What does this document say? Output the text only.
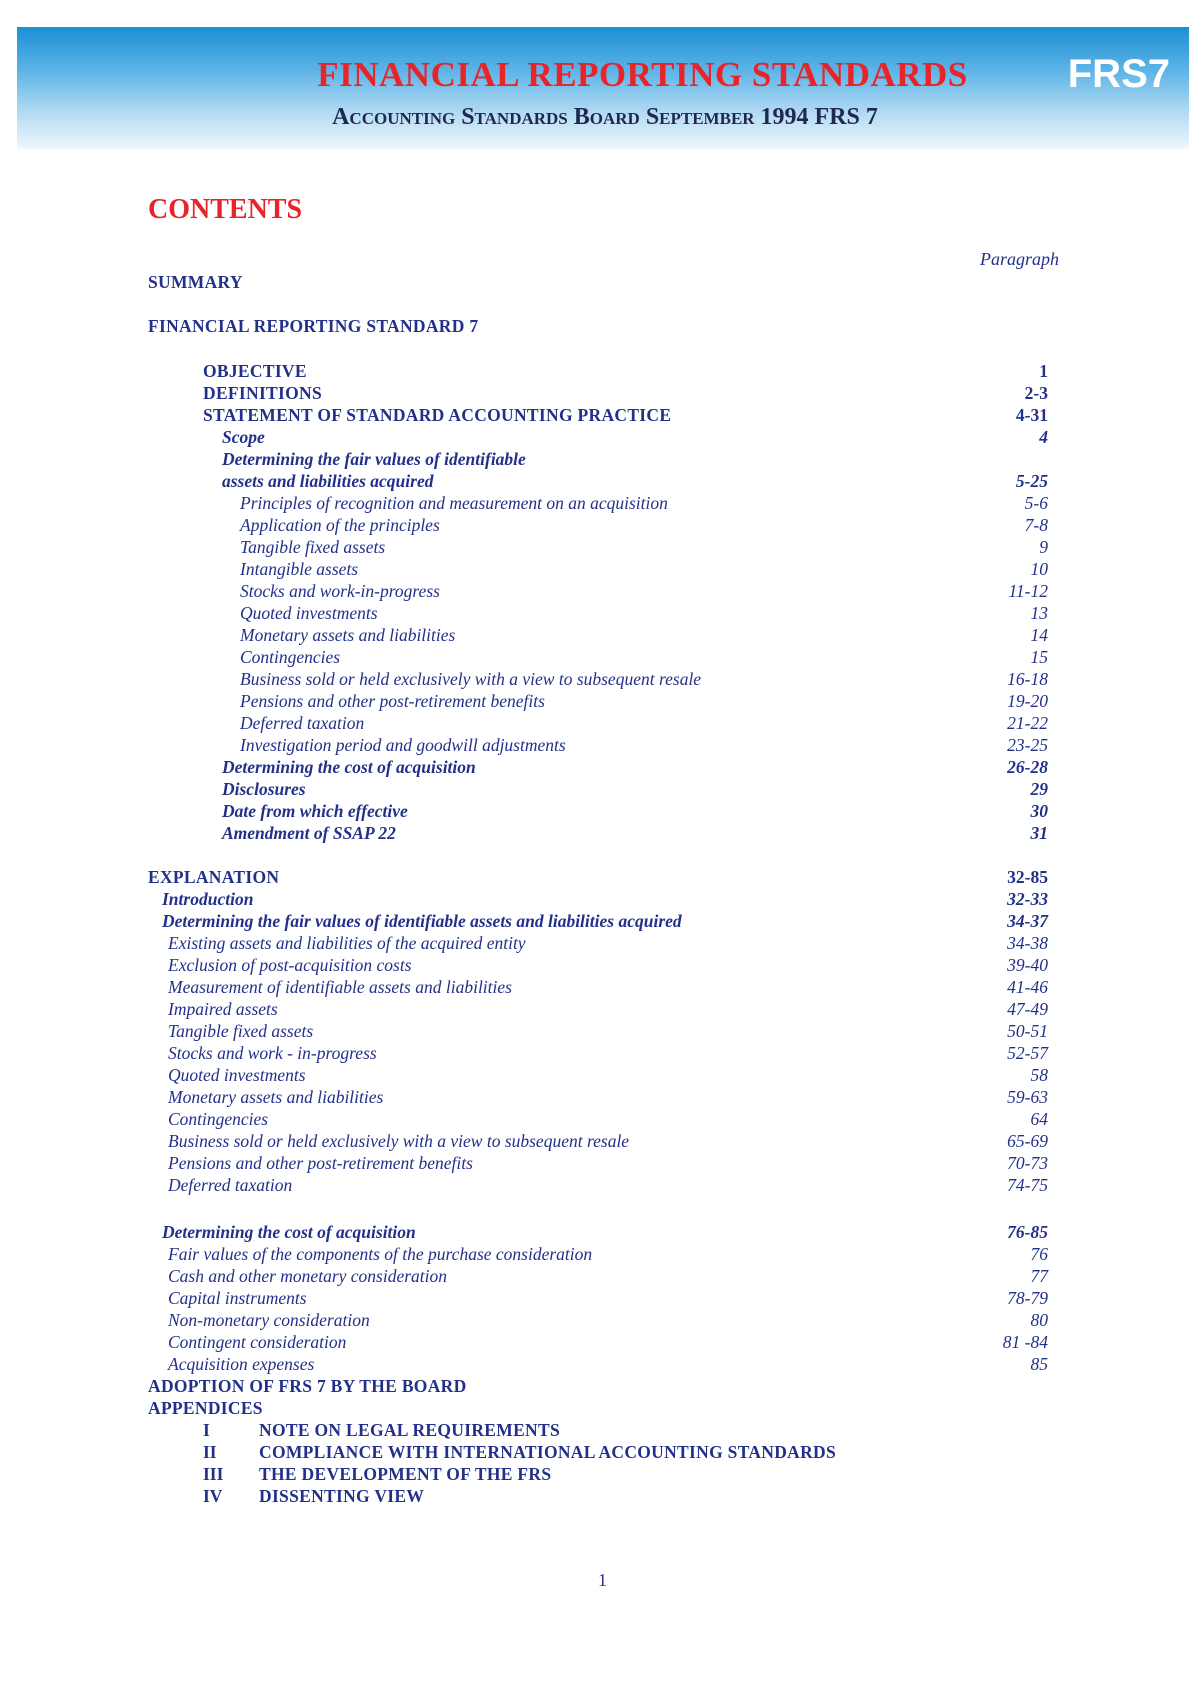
FINANCIAL REPORTING STANDARDS
Accounting Standards Board September 1994 FRS 7
FRS7
CONTENTS
Paragraph
SUMMARY
FINANCIAL REPORTING STANDARD 7
OBJECTIVE	1
DEFINITIONS	2-3
STATEMENT OF STANDARD ACCOUNTING PRACTICE	4-31
Scope	4
Determining the fair values of identifiable
assets and liabilities acquired	5-25
Principles of recognition and measurement on an acquisition	5-6
Application of the principles	7-8
Tangible fixed assets	9
Intangible assets	10
Stocks and work-in-progress	11-12
Quoted investments	13
Monetary assets and liabilities	14
Contingencies	15
Business sold or held exclusively with a view to subsequent resale	16-18
Pensions and other post-retirement benefits	19-20
Deferred taxation	21-22
Investigation period and goodwill adjustments	23-25
Determining the cost of acquisition	26-28
Disclosures	29
Date from which effective	30
Amendment of SSAP 22	31
EXPLANATION	32-85
Introduction	32-33
Determining the fair values of identifiable assets and liabilities acquired	34-37
Existing assets and liabilities of the acquired entity	34-38
Exclusion of post-acquisition costs	39-40
Measurement of identifiable assets and liabilities	41-46
Impaired assets	47-49
Tangible fixed assets	50-51
Stocks and work - in-progress	52-57
Quoted investments	58
Monetary assets and liabilities	59-63
Contingencies	64
Business sold or held exclusively with a view to subsequent resale	65-69
Pensions and other post-retirement benefits	70-73
Deferred taxation	74-75
Determining the cost of acquisition	76-85
Fair values of the components of the purchase consideration	76
Cash and other monetary consideration	77
Capital instruments	78-79
Non-monetary consideration	80
Contingent consideration	81 -84
Acquisition expenses	85
ADOPTION OF FRS 7 BY THE BOARD
APPENDICES
I	NOTE ON LEGAL REQUIREMENTS
II COMPLIANCE WITH INTERNATIONAL ACCOUNTING STANDARDS
III THE DEVELOPMENT OF THE FRS
IV DISSENTING VIEW
1
